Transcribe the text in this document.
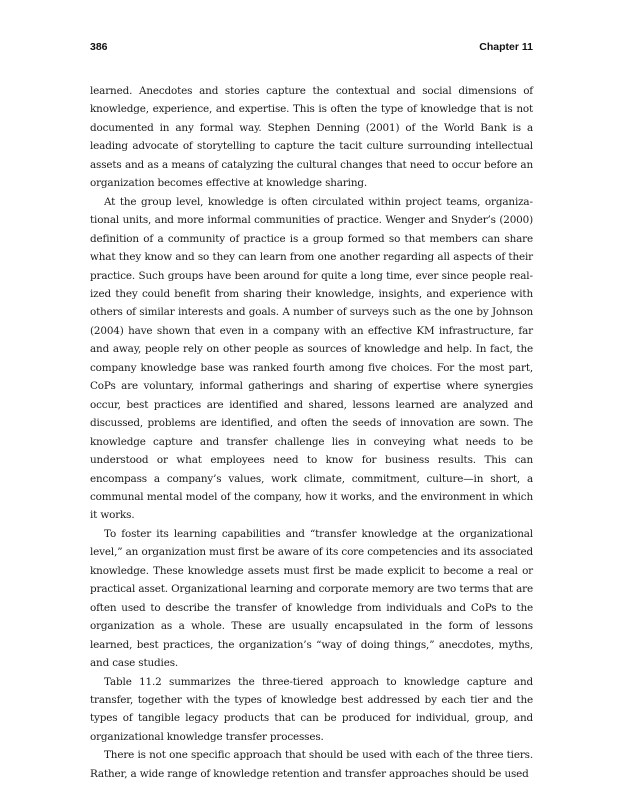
386	Chapter 11

learned. Anecdotes and stories capture the contextual and social dimensions of knowledge, experience, and expertise. This is often the type of knowledge that is not documented in any formal way. Stephen Denning (2001) of the World Bank is a leading advocate of storytelling to capture the tacit culture surrounding intellectual assets and as a means of catalyzing the cultural changes that need to occur before an organization becomes effective at knowledge sharing.

At the group level, knowledge is often circulated within project teams, organizational units, and more informal communities of practice. Wenger and Snyder’s (2000) definition of a community of practice is a group formed so that members can share what they know and so they can learn from one another regarding all aspects of their practice. Such groups have been around for quite a long time, ever since people realized they could benefit from sharing their knowledge, insights, and experience with others of similar interests and goals. A number of surveys such as the one by Johnson (2004) have shown that even in a company with an effective KM infrastructure, far and away, people rely on other people as sources of knowledge and help. In fact, the company knowledge base was ranked fourth among five choices. For the most part, CoPs are voluntary, informal gatherings and sharing of expertise where synergies occur, best practices are identified and shared, lessons learned are analyzed and discussed, problems are identified, and often the seeds of innovation are sown. The knowledge capture and transfer challenge lies in conveying what needs to be understood or what employees need to know for business results. This can encompass a company’s values, work climate, commitment, culture—in short, a communal mental model of the company, how it works, and the environment in which it works.

To foster its learning capabilities and “transfer knowledge at the organizational level,” an organization must first be aware of its core competencies and its associated knowledge. These knowledge assets must first be made explicit to become a real or practical asset. Organizational learning and corporate memory are two terms that are often used to describe the transfer of knowledge from individuals and CoPs to the organization as a whole. These are usually encapsulated in the form of lessons learned, best practices, the organization’s “way of doing things,” anecdotes, myths, and case studies.

Table 11.2 summarizes the three-tiered approach to knowledge capture and transfer, together with the types of knowledge best addressed by each tier and the types of tangible legacy products that can be produced for individual, group, and organizational knowledge transfer processes.

There is not one specific approach that should be used with each of the three tiers. Rather, a wide range of knowledge retention and transfer approaches should be used
